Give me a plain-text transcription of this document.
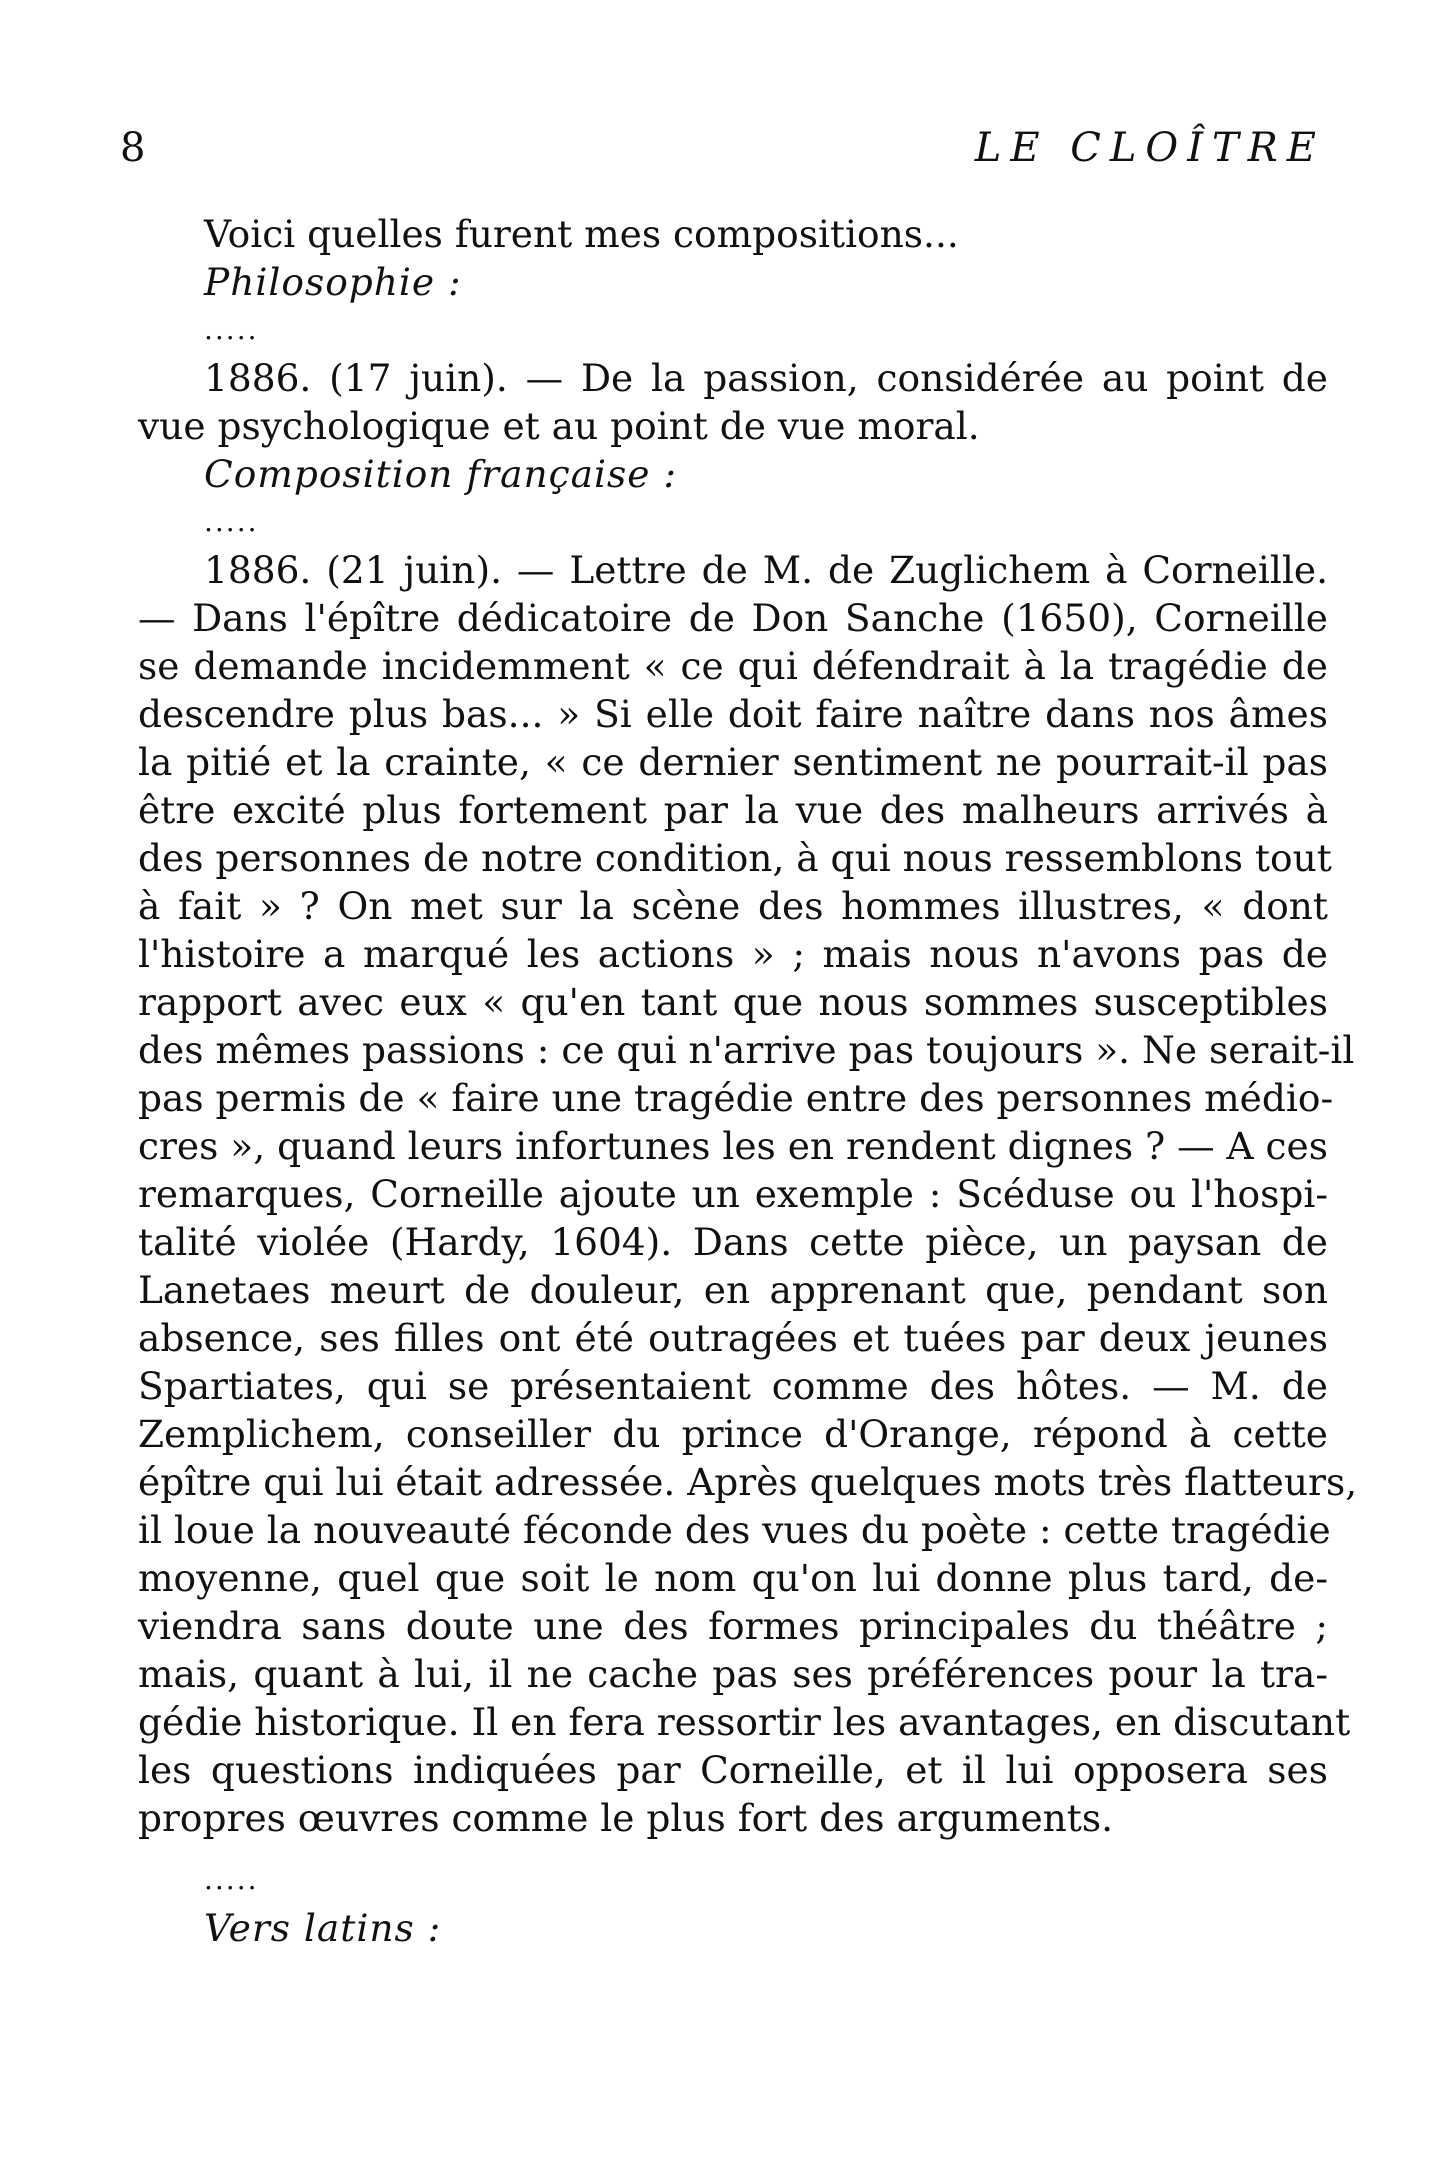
8	LE CLOÎTRE
Voici quelles furent mes compositions...
Philosophie :
.....
1886. (17 juin). — De la passion, considérée au point de
vue psychologique et au point de vue moral.
Composition française :
.....
1886. (21 juin). — Lettre de M. de Zuglichem à Corneille.
— Dans l'épître dédicatoire de Don Sanche (1650), Corneille
se demande incidemment « ce qui défendrait à la tragédie de
descendre plus bas... » Si elle doit faire naître dans nos âmes
la pitié et la crainte, « ce dernier sentiment ne pourrait-il pas
être excité plus fortement par la vue des malheurs arrivés à
des personnes de notre condition, à qui nous ressemblons tout
à fait » ? On met sur la scène des hommes illustres, « dont
l'histoire a marqué les actions » ; mais nous n'avons pas de
rapport avec eux « qu'en tant que nous sommes susceptibles
des mêmes passions : ce qui n'arrive pas toujours ». Ne serait-il
pas permis de « faire une tragédie entre des personnes médio-
cres », quand leurs infortunes les en rendent dignes ? — A ces
remarques, Corneille ajoute un exemple : Scéduse ou l'hospi-
talité violée (Hardy, 1604). Dans cette pièce, un paysan de
Lanetaes meurt de douleur, en apprenant que, pendant son
absence, ses filles ont été outragées et tuées par deux jeunes
Spartiates, qui se présentaient comme des hôtes. — M. de
Zemplichem, conseiller du prince d'Orange, répond à cette
épître qui lui était adressée. Après quelques mots très flatteurs,
il loue la nouveauté féconde des vues du poète : cette tragédie
moyenne, quel que soit le nom qu'on lui donne plus tard, de-
viendra sans doute une des formes principales du théâtre ;
mais, quant à lui, il ne cache pas ses préférences pour la tra-
gédie historique. Il en fera ressortir les avantages, en discutant
les questions indiquées par Corneille, et il lui opposera ses
propres œuvres comme le plus fort des arguments.
.....
Vers latins :
